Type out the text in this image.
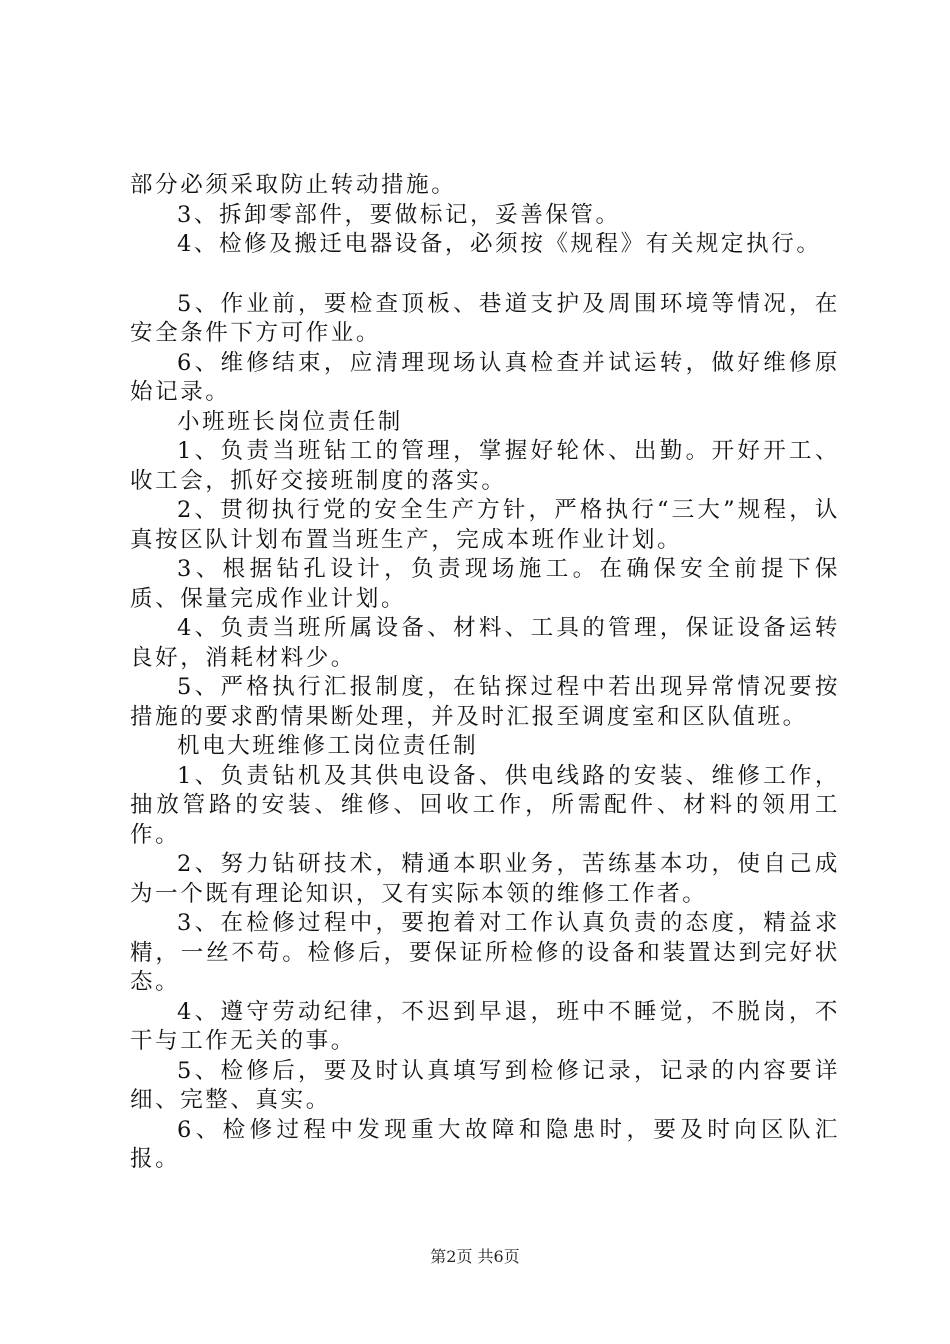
部分必须采取防止转动措施。

3、拆卸零部件，要做标记，妥善保管。

4、检修及搬迁电器设备，必须按《规程》有关规定执行。

5、作业前，要检查顶板、巷道支护及周围环境等情况，在安全条件下方可作业。

6、维修结束，应清理现场认真检查并试运转，做好维修原始记录。

小班班长岗位责任制

1、负责当班钻工的管理，掌握好轮休、出勤。开好开工、收工会，抓好交接班制度的落实。

2、贯彻执行党的安全生产方针，严格执行“三大”规程，认真按区队计划布置当班生产，完成本班作业计划。

3、根据钻孔设计，负责现场施工。在确保安全前提下保质、保量完成作业计划。

4、负责当班所属设备、材料、工具的管理，保证设备运转良好，消耗材料少。

5、严格执行汇报制度，在钻探过程中若出现异常情况要按措施的要求酌情果断处理，并及时汇报至调度室和区队值班。

机电大班维修工岗位责任制

1、负责钻机及其供电设备、供电线路的安装、维修工作，抽放管路的安装、维修、回收工作，所需配件、材料的领用工作。

2、努力钻研技术，精通本职业务，苦练基本功，使自己成为一个既有理论知识，又有实际本领的维修工作者。

3、在检修过程中，要抱着对工作认真负责的态度，精益求精，一丝不苟。检修后，要保证所检修的设备和装置达到完好状态。

4、遵守劳动纪律，不迟到早退，班中不睡觉，不脱岗，不干与工作无关的事。

5、检修后，要及时认真填写到检修记录，记录的内容要详细、完整、真实。

6、检修过程中发现重大故障和隐患时，要及时向区队汇报。

第2页 共6页
